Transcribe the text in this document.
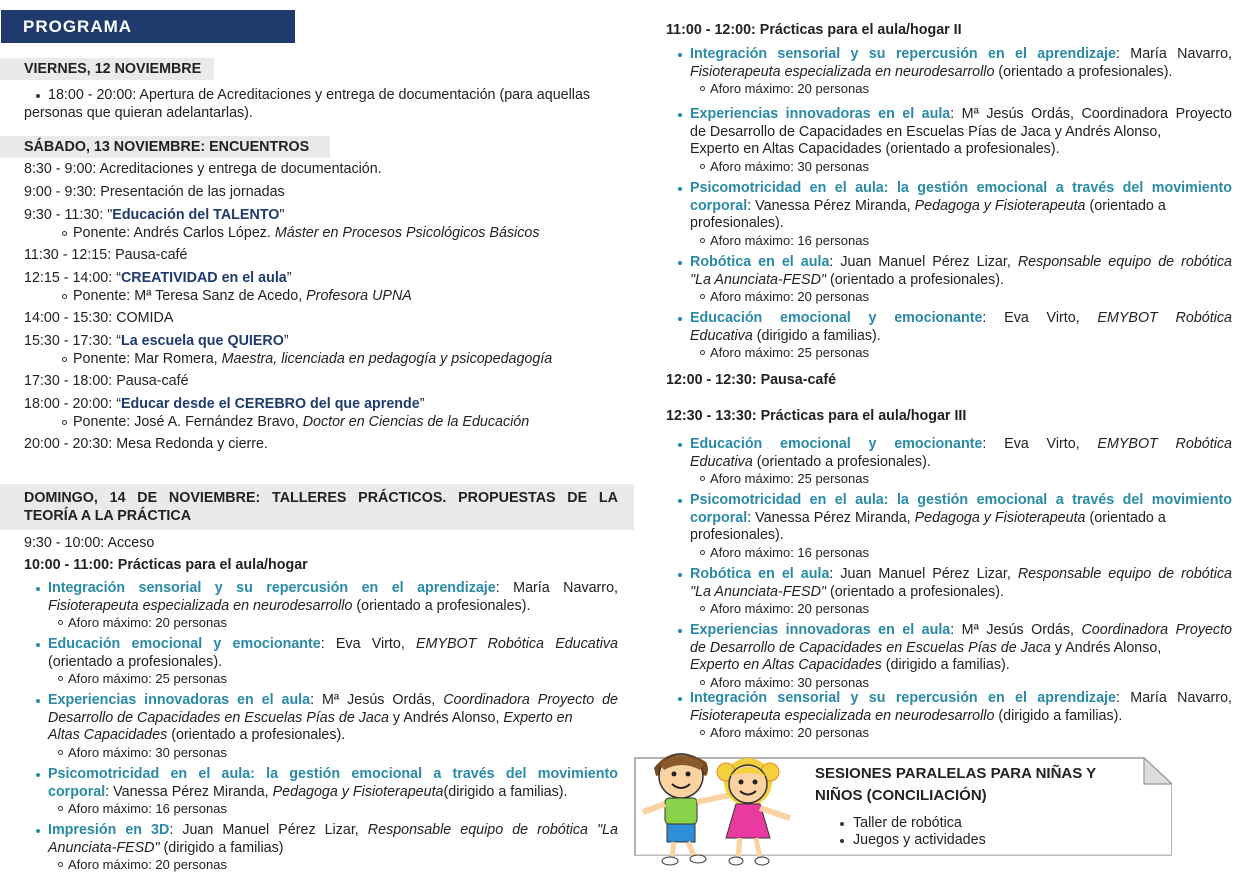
PROGRAMA
VIERNES, 12 NOVIEMBRE
18:00 - 20:00: Apertura de Acreditaciones y entrega de documentación (para aquellas
personas que quieran adelantarlas).
SÁBADO, 13 NOVIEMBRE: ENCUENTROS
8:30 - 9:00: Acreditaciones y entrega de documentación.
9:00 - 9:30: Presentación de las jornadas
9:30 - 11:30: "Educación del TALENTO"
Ponente: Andrés Carlos López. Máster en Procesos Psicológicos Básicos
11:30 - 12:15: Pausa-café
12:15 - 14:00: “CREATIVIDAD en el aula”
Ponente: Mª Teresa Sanz de Acedo, Profesora UPNA
14:00 - 15:30: COMIDA
15:30 - 17:30: “La escuela que QUIERO”
Ponente: Mar Romera, Maestra, licenciada en pedagogía y psicopedagogía
17:30 - 18:00: Pausa-café
18:00 - 20:00: “Educar desde el CEREBRO del que aprende”
Ponente: José A. Fernández Bravo, Doctor en Ciencias de la Educación
20:00 - 20:30: Mesa Redonda y cierre.
DOMINGO, 14 DE NOVIEMBRE: TALLERES PRÁCTICOS. PROPUESTAS DE LA
TEORÍA A LA PRÁCTICA
9:30 - 10:00: Acceso
10:00 - 11:00: Prácticas para el aula/hogar
Integración sensorial y su repercusión en el aprendizaje: María Navarro,
Fisioterapeuta especializada en neurodesarrollo (orientado a profesionales).
Aforo máximo: 20 personas
Educación emocional y emocionante: Eva Virto, EMYBOT Robótica Educativa
(orientado a profesionales).
Aforo máximo: 25 personas
Experiencias innovadoras en el aula: Mª Jesús Ordás, Coordinadora Proyecto de
Desarrollo de Capacidades en Escuelas Pías de Jaca y Andrés Alonso, Experto en
Altas Capacidades (orientado a profesionales).
Aforo máximo: 30 personas
Psicomotricidad en el aula: la gestión emocional a través del movimiento
corporal: Vanessa Pérez Miranda, Pedagoga y Fisioterapeuta(dirigido a familias).
Aforo máximo: 16 personas
Impresión en 3D: Juan Manuel Pérez Lizar, Responsable equipo de robótica "La
Anunciata-FESD" (dirigido a familias)
Aforo máximo: 20 personas
11:00 - 12:00: Prácticas para el aula/hogar II
Integración sensorial y su repercusión en el aprendizaje: María Navarro,
Fisioterapeuta especializada en neurodesarrollo (orientado a profesionales).
Aforo máximo: 20 personas
Experiencias innovadoras en el aula: Mª Jesús Ordás, Coordinadora Proyecto
de Desarrollo de Capacidades en Escuelas Pías de Jaca y Andrés Alonso,
Experto en Altas Capacidades (orientado a profesionales).
Aforo máximo: 30 personas
Psicomotricidad en el aula: la gestión emocional a través del movimiento
corporal: Vanessa Pérez Miranda, Pedagoga y Fisioterapeuta (orientado a
profesionales).
Aforo máximo: 16 personas
Robótica en el aula: Juan Manuel Pérez Lizar, Responsable equipo de robótica
"La Anunciata-FESD" (orientado a profesionales).
Aforo máximo: 20 personas
Educación emocional y emocionante: Eva Virto, EMYBOT Robótica
Educativa (dirigido a familias).
Aforo máximo: 25 personas
12:00 - 12:30: Pausa-café
12:30 - 13:30: Prácticas para el aula/hogar III
Educación emocional y emocionante: Eva Virto, EMYBOT Robótica
Educativa (orientado a profesionales).
Aforo máximo: 25 personas
Psicomotricidad en el aula: la gestión emocional a través del movimiento
corporal: Vanessa Pérez Miranda, Pedagoga y Fisioterapeuta (orientado a
profesionales).
Aforo máximo: 16 personas
Robótica en el aula: Juan Manuel Pérez Lizar, Responsable equipo de robótica
"La Anunciata-FESD" (orientado a profesionales).
Aforo máximo: 20 personas
Experiencias innovadoras en el aula: Mª Jesús Ordás, Coordinadora Proyecto
de Desarrollo de Capacidades en Escuelas Pías de Jaca y Andrés Alonso,
Experto en Altas Capacidades (dirigido a familias).
Aforo máximo: 30 personas
Integración sensorial y su repercusión en el aprendizaje: María Navarro,
Fisioterapeuta especializada en neurodesarrollo (dirigido a familias).
Aforo máximo: 20 personas
SESIONES PARALELAS PARA NIÑAS Y
NIÑOS (CONCILIACIÓN)
Taller de robótica
Juegos y actividades
